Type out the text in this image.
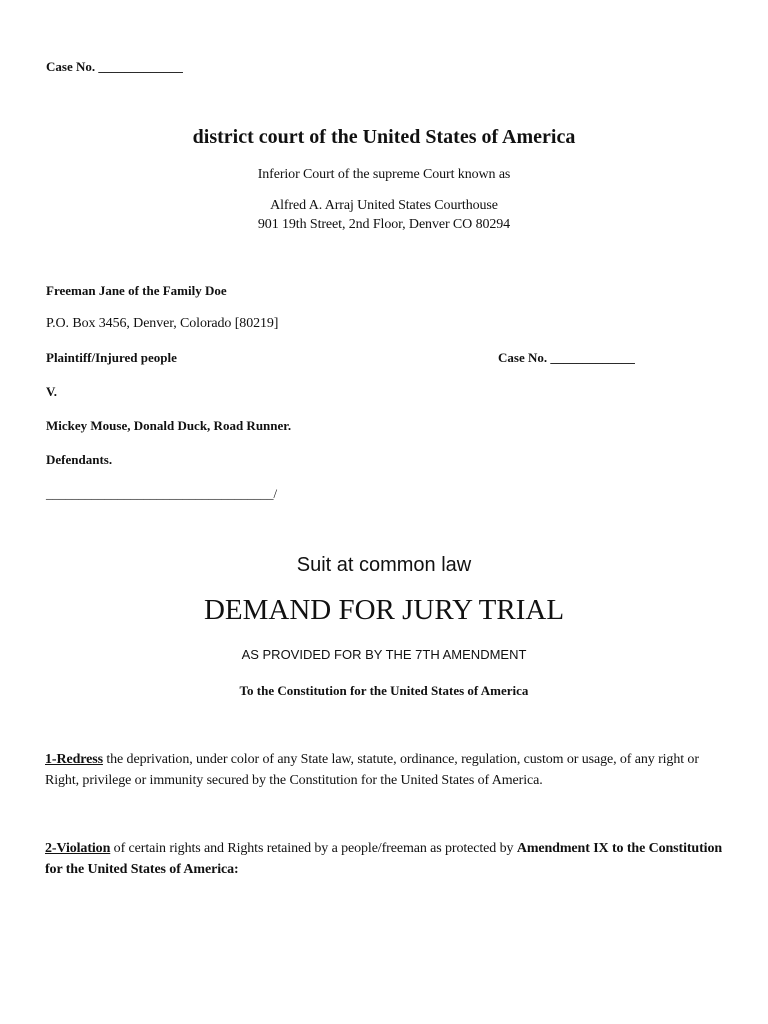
Case No. _____________
district court of the United States of America
Inferior Court of the supreme Court known as
Alfred A. Arraj United States Courthouse
901 19th Street, 2nd Floor, Denver CO 80294
Freeman Jane of the Family Doe
P.O. Box 3456, Denver, Colorado [80219]
Plaintiff/Injured people	Case No. _____________
V.
Mickey Mouse, Donald Duck, Road Runner.
Defendants.
___________________________________/
Suit at common law
DEMAND FOR JURY TRIAL
AS PROVIDED FOR BY THE 7TH AMENDMENT
To the Constitution for the United States of America
1-Redress the deprivation, under color of any State law, statute, ordinance, regulation, custom or usage, of any right or Right, privilege or immunity secured by the Constitution for the United States of America.
2-Violation of certain rights and Rights retained by a people/freeman as protected by Amendment IX to the Constitution for the United States of America:
